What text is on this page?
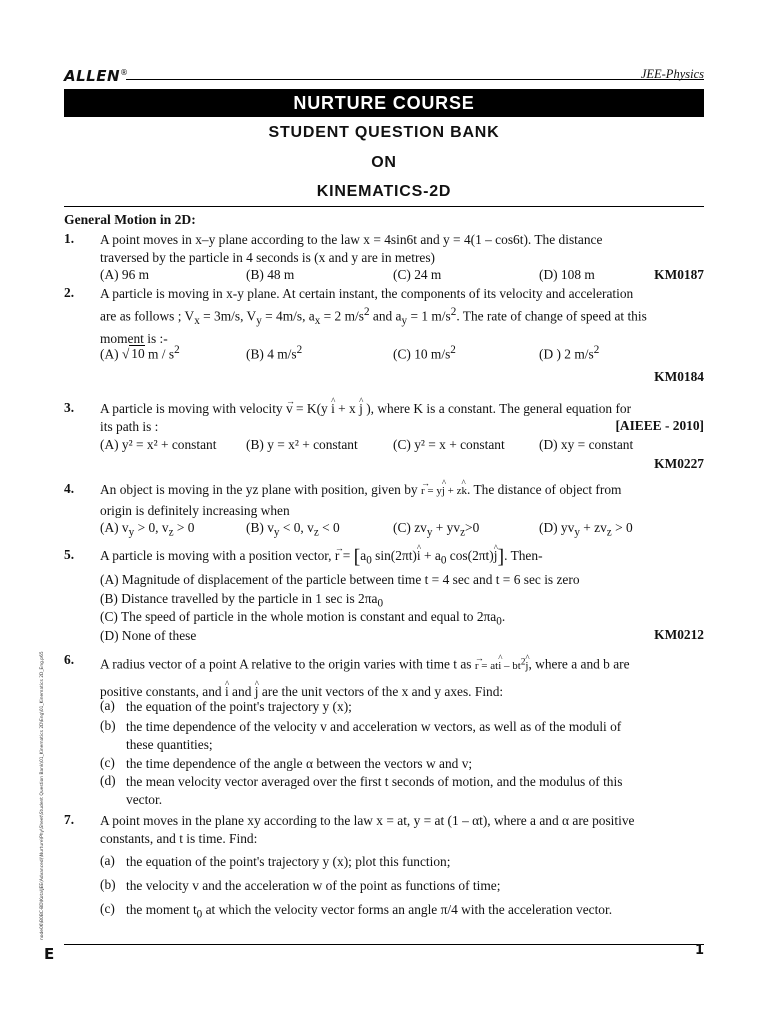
ALLEN®	JEE-Physics
NURTURE COURSE
STUDENT QUESTION BANK
ON
KINEMATICS-2D
General Motion in 2D:
1. A point moves in x–y plane according to the law x = 4sin6t and y = 4(1 – cos6t). The distance
traversed by the particle in 4 seconds is (x and y are in metres)
(A) 96 m	(B) 48 m	(C) 24 m	(D) 108 m	KM0187
2. A particle is moving in x-y plane. At certain instant, the components of its velocity and acceleration
are as follows ; $V_x = 3m/s$, $V_y = 4m/s$, $a_x = 2$ $m/s^2$ and $a_y = 1$ $m/s^2$. The rate of change of speed at this
moment is :-
(A) √ 10 m / $s^2$	(B) 4 $m/s^2$	(C) 10 $m/s^2$	(D ) 2 $m/s^2$
KM0184
3. A particle is moving with velocity → v = K(y ^ i + x ^ j ), where K is a constant. The general equation for
its path is :	[AIEEE - 2010]
(A) y² = x² + constant (B) y = x² + constant	(C) y² = x + constant	(D) xy = constant
KM0227
4. An object is moving in the yz plane with position, given by → r = y^ j + z^ k. The distance of object from
origin is definitely increasing when
(A) $v_y > 0$, $v_z > 0$	(B) $v_y < 0$, $v_z < 0$	(C) $zv_y + yv_z>0$	(D) $yv_y + zv_z > 0$
5. A particle is moving with a position vector, → $r = [a_0$ sin(2πt)^ $i + a_0$ cos(2πt)^ j]. Then-
(A) Magnitude of displacement of the particle between time t = 4 sec and t = 6 sec is zero
(B) Distance travelled by the particle in 1 sec is $2\pi a_0$
(C) The speed of particle in the whole motion is constant and equal to $2\pi a_0$.
(D) None of these	KM0212
6. A radius vector of a point A relative to the origin varies with time t as → r = at^ i – $bt^2\^{}$ j, where a and b are
positive constants, and ^ i and ^ j are the unit vectors of the x and y axes. Find:
(a) the equation of the point's trajectory y (x);
(b) the time dependence of the velocity v and acceleration w vectors, as well as of the moduli of
these quantities;
(c) the time dependence of the angle α between the vectors w and v;
(d) the mean velocity vector averaged over the first t seconds of motion, and the modulus of this
vector.
7. A point moves in the plane xy according to the law x = at, y = at (1 – αt), where a and α are positive
constants, and t is time. Find:
(a) the equation of the point's trajectory y (x); plot this function;
(b) the velocity v and the acceleration w of the point as functions of time;
(c) the moment $t_0$ at which the velocity vector forms an angle π/4 with the acceleration vector.
node06\B0BC-BD\Kota\JEE(Advanced)\Nurture\Phy\Sheet\Student Question Bank\01_Kinematics 2D\Eng\01_Kinematics 2D_Eng.p65
E	1
